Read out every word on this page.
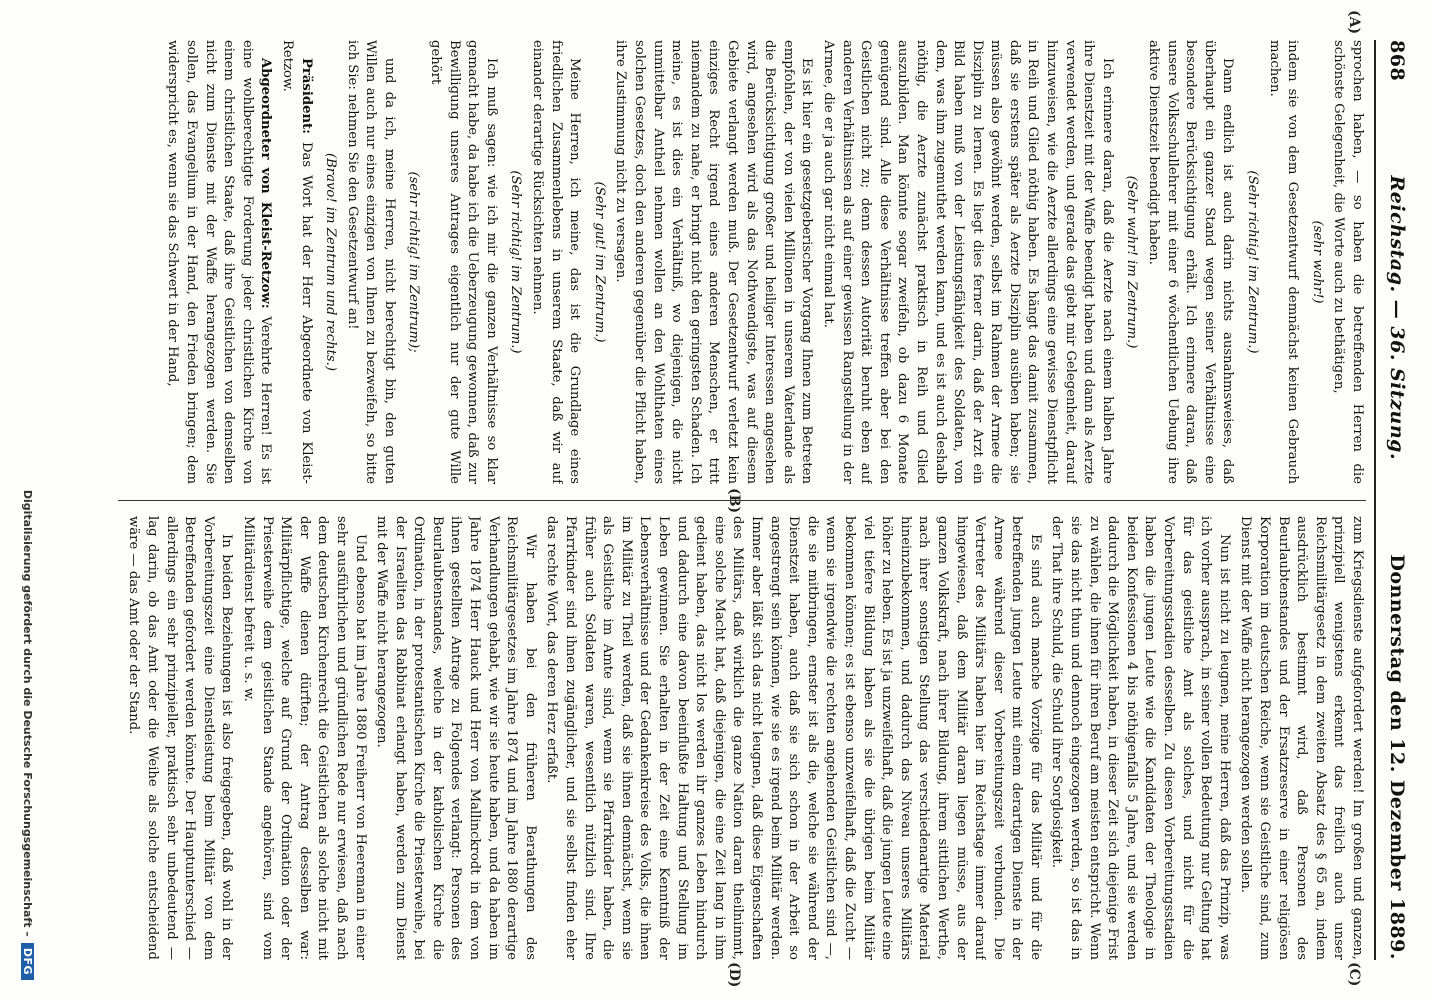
868
Reichstag. — 36. Sitzung.
Donnerstag den 12. Dezember 1889.
(A)
(B)
(C)
(D)

sprochen haben, — so haben die betreffenden Herren die schönste Gelegenheit, die Worte auch zu bethätigen,

(sehr wahr!)

indem sie von dem Gesetzentwurf demnächst keinen Gebrauch machen.

(Sehr richtig! im Zentrum.)

Dann endlich ist auch darin nichts ausnahmsweises, daß überhaupt ein ganzer Stand wegen seiner Verhältnisse eine besondere Berücksichtigung erhält. Ich erinnere daran, daß unsere Volksschullehrer mit einer 6 wöchentlichen Uebung ihre aktive Dienstzeit beendigt haben.

(Sehr wahr! im Zentrum.)

Ich erinnere daran, daß die Aerzte nach einem halben Jahre ihre Dienstzeit mit der Waffe beendigt haben und dann als Aerzte verwendet werden, und gerade das giebt mir Gelegenheit, darauf hinzuweisen, wie die Aerzte allerdings eine gewisse Dienstpflicht in Reih und Glied nöthig haben. Es hängt das damit zusammen, daß sie erstens später als Aerzte Disziplin ausüben haben; sie müssen also gewöhnt werden, selbst im Rahmen der Armee die Disziplin zu lernen. Es liegt dies ferner darin, daß der Arzt ein Bild haben muß von der Leistungsfähigkeit des Soldaten, von dem, was ihm zugemuthet werden kann, und es ist auch deshalb nöthig, die Aerzte zunächst praktisch in Reih und Glied auszubilden. Man könnte sogar zweifeln, ob dazu 6 Monate genügend sind. Alle diese Verhältnisse treffen aber bei den Geistlichen nicht zu; denn dessen Autorität beruht eben auf anderen Verhältnissen als auf einer gewissen Rangstellung in der Armee, die er ja auch gar nicht einmal hat.

Es ist hier ein gesetzgeberischer Vorgang Ihnen zum Betreten empfohlen, der von vielen Millionen in unserem Vaterlande als die Berücksichtigung großer und heiliger Interessen angesehen wird, angesehen wird als das Nothwendigste, was auf diesem Gebiete verlangt werden muß. Der Gesetzentwurf verletzt kein einziges Recht irgend eines anderen Menschen, er tritt niemandem zu nahe, er bringt nicht den geringsten Schaden. Ich meine, es ist dies ein Verhältniß, wo diejenigen, die nicht unmittelbar Antheil nehmen wollen an den Wohlthaten eines solchen Gesetzes, doch den anderen gegenüber die Pflicht haben, ihre Zustimmung nicht zu versagen.

(Sehr gut! im Zentrum.)

Meine Herren, ich meine, das ist die Grundlage eines friedlichen Zusammenlebens in unserem Staate, daß wir auf einander derartige Rücksichten nehmen.

(Sehr richtig! im Zentrum.)

Ich muß sagen: wie ich mir die ganzen Verhältnisse so klar gemacht habe, da habe ich die Ueberzeugung gewonnen, daß zur Bewilligung unseres Antrages eigentlich nur der gute Wille gehört

(sehr richtig! im Zentrum);

und da ich, meine Herren, nicht berechtigt bin, den guten Willen auch nur eines einzigen von Ihnen zu bezweifeln, so bitte ich Sie: nehmen Sie den Gesetzentwurf an!

(Bravo! im Zentrum und rechts.)

Präsident: Das Wort hat der Herr Abgeordnete von Kleist-Retzow.

Abgeordneter von Kleist-Retzow: Verehrte Herren! Es ist eine wohlberechtigte Forderung jeder christlichen Kirche von einem christlichen Staate, daß ihre Geistlichen von demselben nicht zum Dienste mit der Waffe herangezogen werden. Sie sollen, das Evangelium in der Hand, den Frieden bringen; dem widerspricht es, wenn sie das Schwert in der Hand,

zum Kriegsdienste aufgefordert werden! Im großen und ganzen, prinzipiell wenigstens erkennt das freilich auch unser Reichsmilitärgesetz in dem zweiten Absatz des § 65 an, indem ausdrücklich bestimmt wird, daß Personen des Beurlaubtenstandes und der Ersatzreserve in einer religiösen Korporation im deutschen Reiche, wenn sie Geistliche sind, zum Dienst mit der Waffe nicht herangezogen werden sollen.

Nun ist nicht zu leugnen, meine Herren, daß das Prinzip, was ich vorher aussprach, in seiner vollen Bedeutung nur Geltung hat für das geistliche Amt als solches, und nicht für die Vorbereitungsstadien desselben. Zu diesen Vorbereitungsstadien haben die jungen Leute wie die Kandidaten der Theologie in beiden Konfessionen 4 bis nöthigenfalls 5 Jahre, und sie werden dadurch die Möglichkeit haben, in dieser Zeit sich diejenige Frist zu wählen, die ihnen für ihren Beruf am meisten entspricht. Wenn sie das nicht thun und dennoch eingezogen werden, so ist das in der That ihre Schuld, die Schuld ihrer Sorglosigkeit.

Es sind auch manche Vorzüge für das Militär und für die betreffenden jungen Leute mit einem derartigen Dienste in der Armee während dieser Vorbereitungszeit verbunden. Die Vertreter des Militärs haben hier im Reichstage immer darauf hingewiesen, daß dem Militär daran liegen müsse, aus der ganzen Volkskraft, nach ihrer Bildung, ihrem sittlichen Werthe, nach ihrer sonstigen Stellung das verschiedenartige Material hineinzubekommen, und dadurch das Niveau unseres Militärs höher zu heben. Es ist ja unzweifelhaft, daß die jungen Leute eine viel tiefere Bildung haben als sie die übrigen beim Militär bekommen können; es ist ebenso unzweifelhaft, daß die Zucht — wenn sie irgendwie die rechten angehenden Geistlichen sind —, die sie mitbringen, ernster ist als die, welche sie während der Dienstzeit haben, auch daß sie sich schon in der Arbeit so angestrengt sein können, wie sie es irgend beim Militär werden. Immer aber läßt sich das nicht leugnen, daß diese Eigenschaften des Militärs, daß wirklich die ganze Nation daran theilnimmt, eine solche Macht hat, daß diejenigen, die eine Zeit lang in ihm gedient haben, das nicht los werden ihr ganzes Leben hindurch und dadurch eine davon beeinflußte Haltung und Stellung im Leben gewinnen. Sie erhalten in der Zeit eine Kenntniß der Lebensverhältnisse und der Gedankenkreise des Volks, die ihnen im Militär zu Theil werden, daß sie ihnen demnächst, wenn sie als Geistliche im Amte sind, wenn sie Pfarrkinder haben, die früher auch Soldaten waren, wesentlich nützlich sind. Ihre Pfarrkinder sind ihnen zugänglicher, und sie selbst finden eher das rechte Wort, das deren Herz erfaßt.

Wir haben bei den früheren Berathungen des Reichsmilitärgesetzes im Jahre 1874 und im Jahre 1880 derartige Verhandlungen gehabt, wie wir sie heute haben, und da haben im Jahre 1874 Herr Hauck und Herr von Mallinckrodt in dem von ihnen gestellten Antrage zu Folgendes verlangt: Personen des Beurlaubtenstandes, welche in der katholischen Kirche die Ordination, in der protestantischen Kirche die Priesterweihe, bei der Israeliten das Rabbinat erlangt haben, werden zum Dienst mit der Waffe nicht herangezogen.

Und ebenso hat im Jahre 1880 Freiherr von Heereman in einer sehr ausführlichen und gründlichen Rede nur erwiesen, daß nach dem deutschen Kirchenrecht die Geistlichen als solche nicht mit der Waffe dienen dürften; der Antrag desselben war: Militärpflichtige, welche auf Grund der Ordination oder der Priesterweihe dem geistlichen Stande angehören, sind vom Militärdienst befreit u. s. w.

In beiden Beziehungen ist also freigegeben, daß wohl in der Vorbereitungszeit eine Dienstleistung beim Militär von dem Betreffenden gefordert werden könnte. Der Hauptunterschied — allerdings ein sehr prinzipieller, praktisch sehr unbedeutend — lag darin, ob das Amt oder die Weihe als solche entscheidend wäre — das Amt oder der Stand.

Digitalisierung gefördert durch die Deutsche Forschungsgemeinschaft –DFG
